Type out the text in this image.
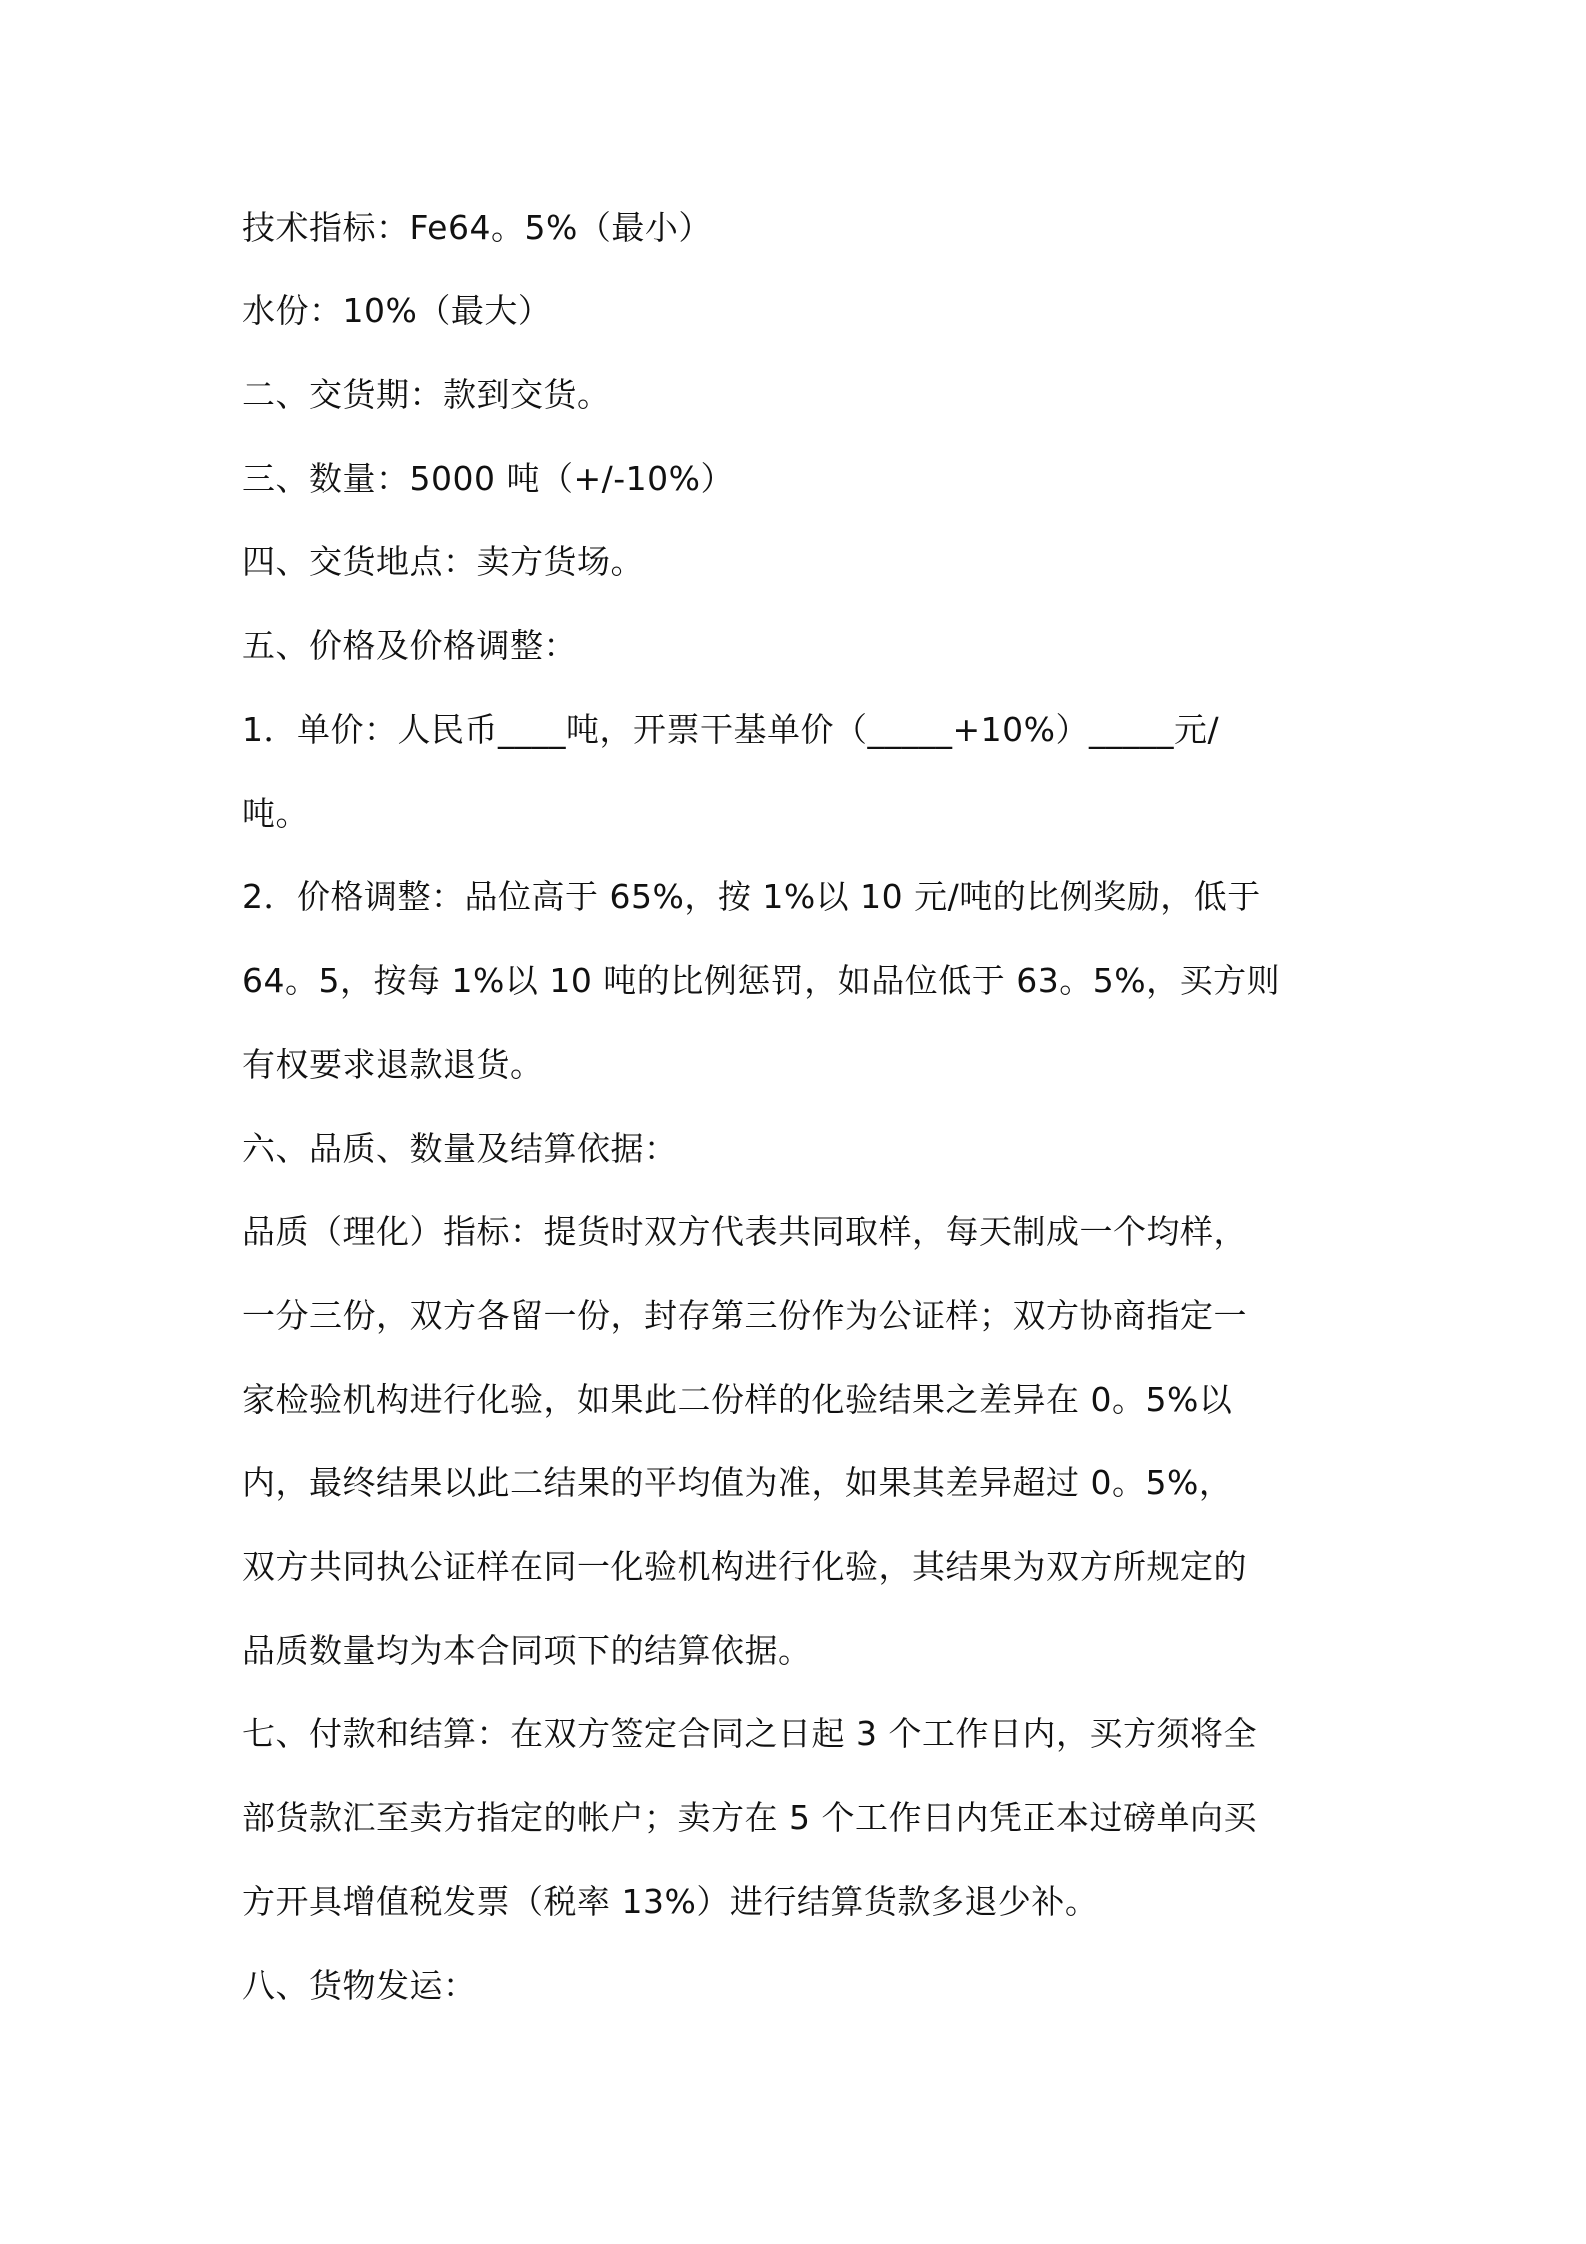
技术指标：Fe64。5%（最小）
水份：10%（最大）
二、交货期：款到交货。
三、数量：5000 吨（+/-10%）
四、交货地点：卖方货场。
五、价格及价格调整：
1．单价：人民币____吨，开票干基单价（_____+10%）_____元/
吨。
2．价格调整：品位高于 65%，按 1%以 10 元/吨的比例奖励，低于
64。5，按每 1%以 10 吨的比例惩罚，如品位低于 63。5%，买方则
有权要求退款退货。
六、品质、数量及结算依据：
品质（理化）指标：提货时双方代表共同取样，每天制成一个均样，
一分三份，双方各留一份，封存第三份作为公证样；双方协商指定一
家检验机构进行化验，如果此二份样的化验结果之差异在 0。5%以
内，最终结果以此二结果的平均值为准，如果其差异超过 0。5%，
双方共同执公证样在同一化验机构进行化验，其结果为双方所规定的
品质数量均为本合同项下的结算依据。
七、付款和结算：在双方签定合同之日起 3 个工作日内，买方须将全
部货款汇至卖方指定的帐户；卖方在 5 个工作日内凭正本过磅单向买
方开具增值税发票（税率 13%）进行结算货款多退少补。
八、货物发运：
